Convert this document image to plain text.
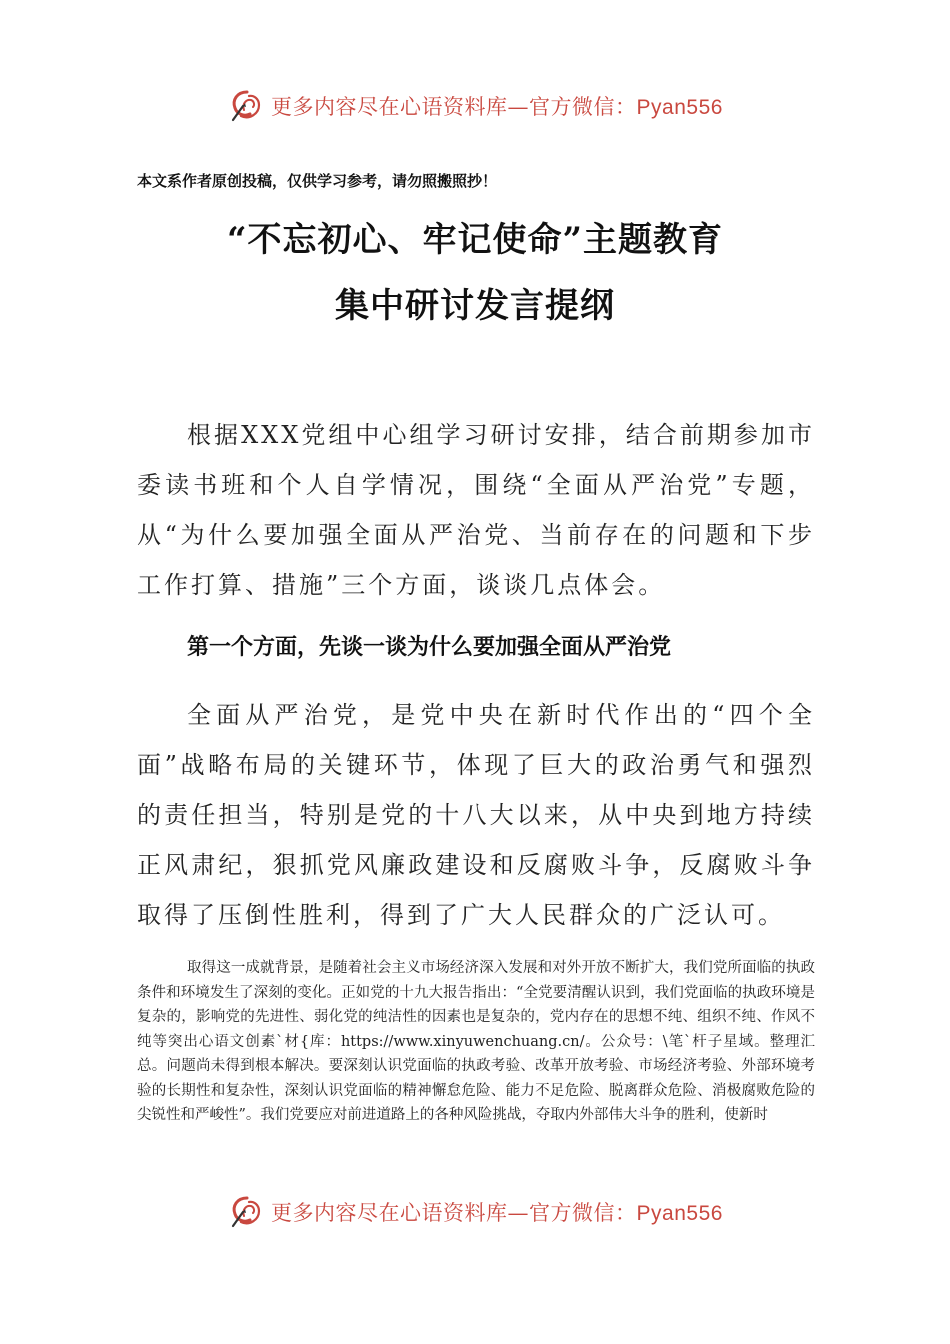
更多内容尽在心语资料库—官方微信：Pyan556
本文系作者原创投稿，仅供学习参考，请勿照搬照抄！
“不忘初心、牢记使命”主题教育
集中研讨发言提纲

根据XXX党组中心组学习研讨安排，结合前期参加市委读书班和个人自学情况，围绕“全面从严治党”专题，从“为什么要加强全面从严治党、当前存在的问题和下步工作打算、措施”三个方面，谈谈几点体会。

第一个方面，先谈一谈为什么要加强全面从严治党

全面从严治党，是党中央在新时代作出的“四个全面”战略布局的关键环节，体现了巨大的政治勇气和强烈的责任担当，特别是党的十八大以来，从中央到地方持续正风肃纪，狠抓党风廉政建设和反腐败斗争，反腐败斗争取得了压倒性胜利，得到了广大人民群众的广泛认可。

取得这一成就背景，是随着社会主义市场经济深入发展和对外开放不断扩大，我们党所面临的执政条件和环境发生了深刻的变化。正如党的十九大报告指出：“全党要清醒认识到，我们党面临的执政环境是复杂的，影响党的先进性、弱化党的纯洁性的因素也是复杂的，党内存在的思想不纯、组织不纯、作风不纯等突出心语文创素`材{库：https://www.xinyuwenchuang.cn/。公众号：\笔`杆子星域。整理汇总。问题尚未得到根本解决。要深刻认识党面临的执政考验、改革开放考验、市场经济考验、外部环境考验的长期性和复杂性，深刻认识党面临的精神懈怠危险、能力不足危险、脱离群众危险、消极腐败危险的尖锐性和严峻性”。我们党要应对前进道路上的各种风险挑战，夺取内外部伟大斗争的胜利，使新时

更多内容尽在心语资料库—官方微信：Pyan556
